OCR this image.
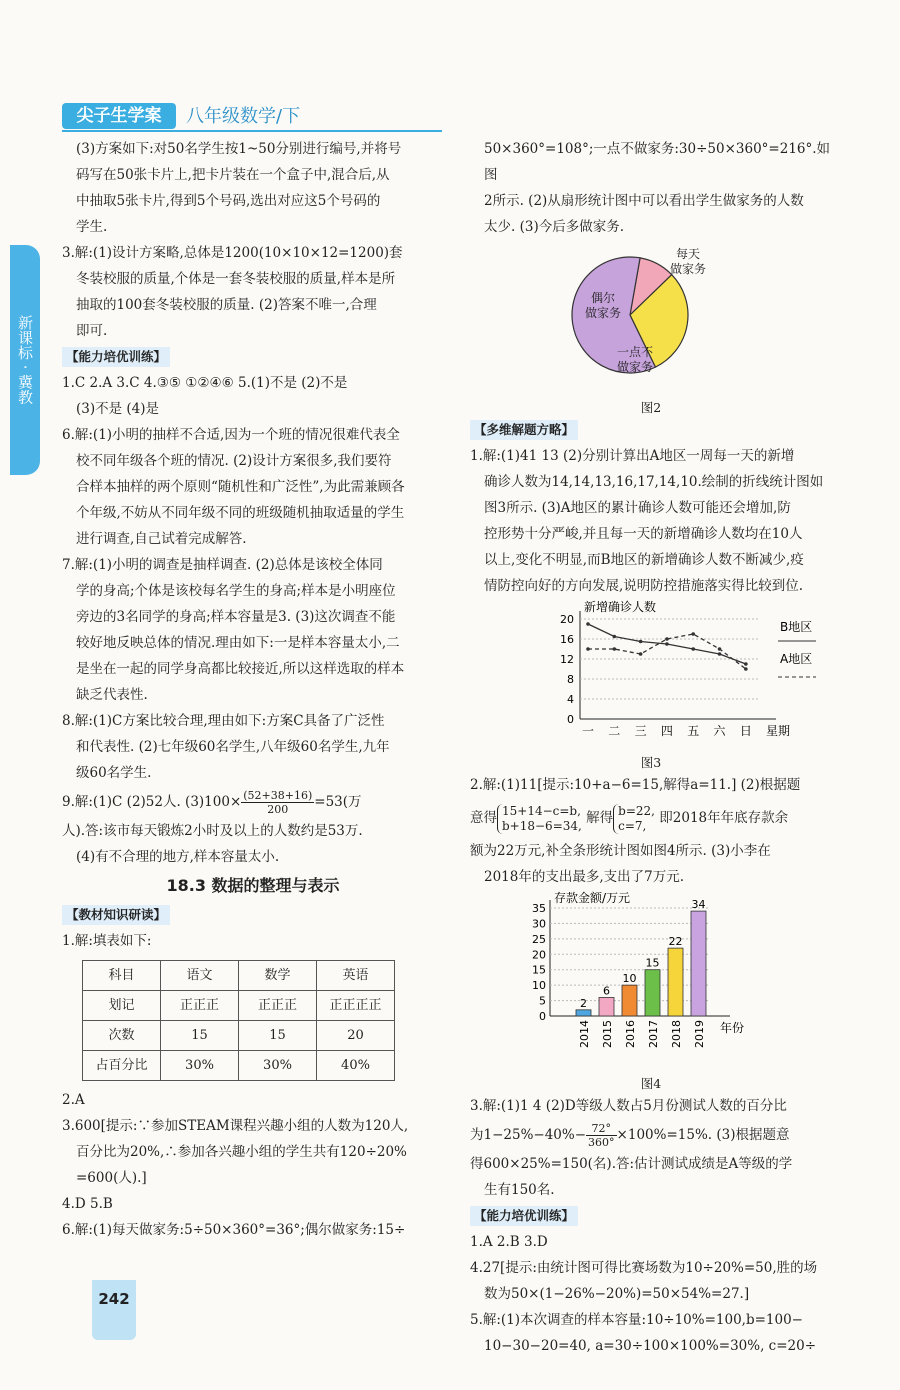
尖子生学案	八年级数学/下
新课标 · 冀教

(3)方案如下:对50名学生按1~50分别进行编号,并将号

码写在50张卡片上,把卡片装在一个盒子中,混合后,从

中抽取5张卡片,得到5个号码,选出对应这5个号码的

学生.

3.解:(1)设计方案略,总体是1200(10×10×12=1200)套

冬装校服的质量,个体是一套冬装校服的质量,样本是所

抽取的100套冬装校服的质量. (2)答案不唯一,合理

即可.

【能力培优训练】

1.C 2.A 3.C 4.③⑤ ①②④⑥ 5.(1)不是 (2)不是

(3)不是 (4)是

6.解:(1)小明的抽样不合适,因为一个班的情况很难代表全

校不同年级各个班的情况. (2)设计方案很多,我们要符

合样本抽样的两个原则“随机性和广泛性”,为此需兼顾各

个年级,不妨从不同年级不同的班级随机抽取适量的学生

进行调查,自己试着完成解答.

7.解:(1)小明的调查是抽样调查. (2)总体是该校全体同

学的身高;个体是该校每名学生的身高;样本是小明座位

旁边的3名同学的身高;样本容量是3. (3)这次调查不能

较好地反映总体的情况.理由如下:一是样本容量太小,二

是坐在一起的同学身高都比较接近,所以这样选取的样本

缺乏代表性.

8.解:(1)C方案比较合理,理由如下:方案C具备了广泛性

和代表性. (2)七年级60名学生,八年级60名学生,九年

级60名学生.

9.解:(1)C (2)52人. $(3)100\times \frac{(52+38+16)}{200} =53$(万

人).答:该市每天锻炼2小时及以上的人数约是53万.

(4)有不合理的地方,样本容量太小.

18.3 数据的整理与表示
【教材知识研读】

1.解:填表如下:

科目	语文	数学	英语
划记	正正正	正正正	正正正正
次数	15	15	20
占百分比	30%	30%	40%

2.A

3.600[提示:∵参加STEAM课程兴趣小组的人数为120人,

百分比为20%,∴参加各兴趣小组的学生共有120÷20%

=600(人).]

4.D 5.B

6.解:(1)每天做家务:5÷50×360°=36°;偶尔做家务:15÷

50×360°=108°;一点不做家务:30÷50×360°=216°.如图

2所示. (2)从扇形统计图中可以看出学生做家务的人数

太少. (3)今后多做家务.

每天做家务
偶尔做家务
一点不做家务
图2
【多维解题方略】

1.解:(1)41 13 (2)分别计算出A地区一周每一天的新增

确诊人数为14,14,13,16,17,14,10.绘制的折线统计图如

图3所示. (3)A地区的累计确诊人数可能还会增加,防

控形势十分严峻,并且每一天的新增确诊人数均在10人

以上,变化不明显,而B地区的新增确诊人数不断减少,疫

情防控向好的方向发展,说明防控措施落实得比较到位.

新增确诊人数
0
4
8
12
16
20
一 二 三 四 五 六 日 星期
B地区
A地区
图3

2.解:(1)11[提示:10+a−6=15,解得a=11.] (2)根据题

意得 15+14−c=b,
b+18−6=34, 解得 b=22,
c=7, 即2018年年底存款余

额为22万元,补全条形统计图如图4所示. (3)小李在

2018年的支出最多,支出了7万元.

存款金额/万元
0
5
10
15
20
25
30
35
2
2014
6
2015
10
2016
15
2017
22
2018
34
2019 年份
图4

3.解:(1)1 4 (2)D等级人数占5月份测试人数的百分比

为$1-25\%-40\%- \frac{72^\circ}{360^\circ} \times 100\%=15\%$. (3)根据题意

得600×25%=150(名).答:估计测试成绩是A等级的学

生有150名.

【能力培优训练】

1.A 2.B 3.D

4.27[提示:由统计图可得比赛场数为10÷20%=50,胜的场

数为50×(1−26%−20%)=50×54%=27.]

5.解:(1)本次调查的样本容量:10÷10%=100,b=100−

10−30−20=40, a=30÷100×100%=30%, c=20÷

242
